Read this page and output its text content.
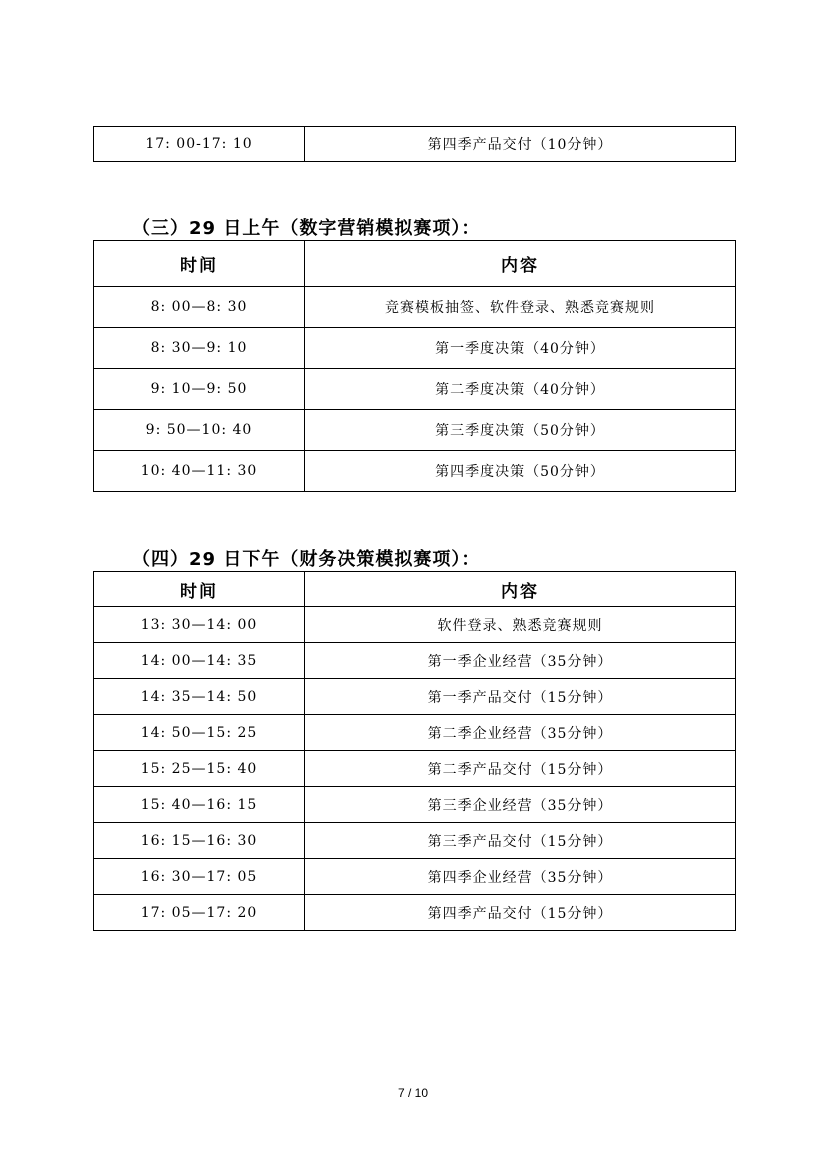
17: 00-17: 10	第四季产品交付（10分钟）
（三）29 日上午（数字营销模拟赛项）：
时间	内容
8: 00—8: 30	竞赛模板抽签、软件登录、熟悉竞赛规则
8: 30—9: 10	第一季度决策（40分钟）
9: 10—9: 50	第二季度决策（40分钟）
9: 50—10: 40	第三季度决策（50分钟）
10: 40—11: 30	第四季度决策（50分钟）
（四）29 日下午（财务决策模拟赛项）：
时间	内容
13: 30—14: 00	软件登录、熟悉竞赛规则
14: 00—14: 35	第一季企业经营（35分钟）
14: 35—14: 50	第一季产品交付（15分钟）
14: 50—15: 25	第二季企业经营（35分钟）
15: 25—15: 40	第二季产品交付（15分钟）
15: 40—16: 15	第三季企业经营（35分钟）
16: 15—16: 30	第三季产品交付（15分钟）
16: 30—17: 05	第四季企业经营（35分钟）
17: 05—17: 20	第四季产品交付（15分钟）
7 / 10
